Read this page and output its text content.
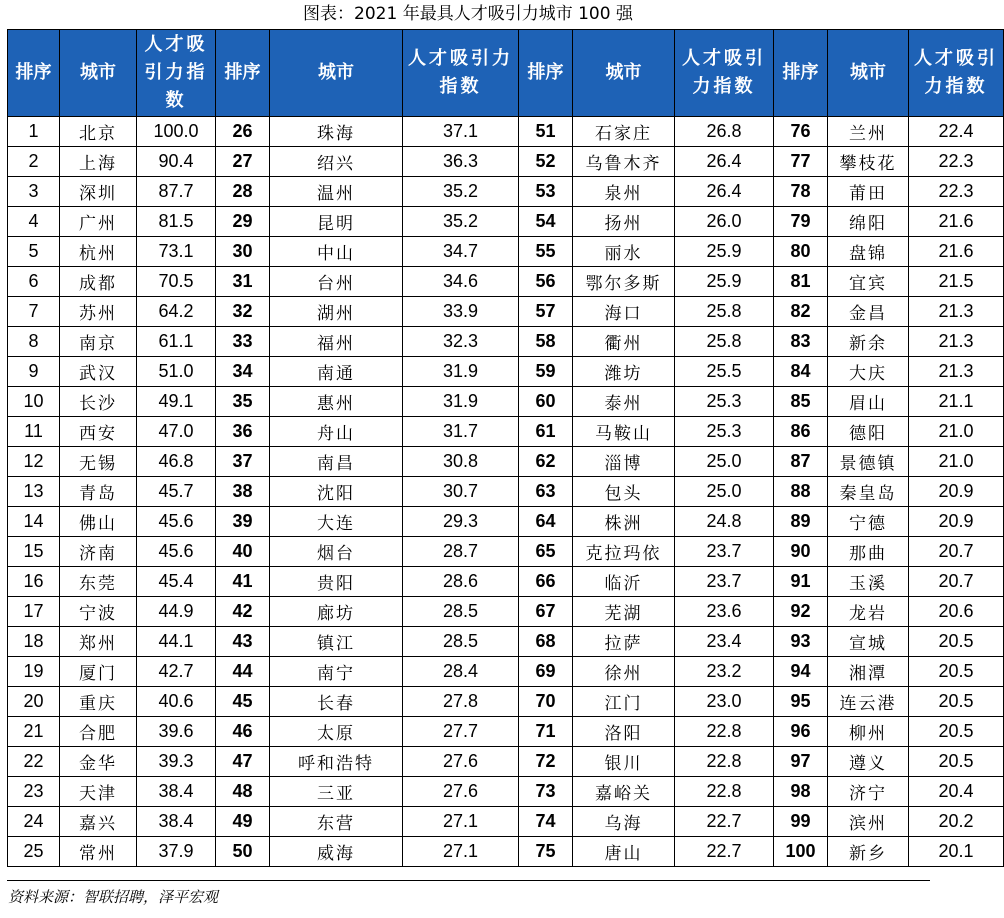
图表：2021 年最具人才吸引力城市 100 强
排序	城市	人才吸引力指数	排序	城市	人才吸引力指数	排序	城市	人才吸引力指数	排序	城市	人才吸引力指数
1	北京	100.0	26	珠海	37.1	51	石家庄	26.8	76	兰州	22.4
2	上海	90.4	27	绍兴	36.3	52	乌鲁木齐	26.4	77	攀枝花	22.3
3	深圳	87.7	28	温州	35.2	53	泉州	26.4	78	莆田	22.3
4	广州	81.5	29	昆明	35.2	54	扬州	26.0	79	绵阳	21.6
5	杭州	73.1	30	中山	34.7	55	丽水	25.9	80	盘锦	21.6
6	成都	70.5	31	台州	34.6	56	鄂尔多斯	25.9	81	宜宾	21.5
7	苏州	64.2	32	湖州	33.9	57	海口	25.8	82	金昌	21.3
8	南京	61.1	33	福州	32.3	58	衢州	25.8	83	新余	21.3
9	武汉	51.0	34	南通	31.9	59	潍坊	25.5	84	大庆	21.3
10	长沙	49.1	35	惠州	31.9	60	泰州	25.3	85	眉山	21.1
11	西安	47.0	36	舟山	31.7	61	马鞍山	25.3	86	德阳	21.0
12	无锡	46.8	37	南昌	30.8	62	淄博	25.0	87	景德镇	21.0
13	青岛	45.7	38	沈阳	30.7	63	包头	25.0	88	秦皇岛	20.9
14	佛山	45.6	39	大连	29.3	64	株洲	24.8	89	宁德	20.9
15	济南	45.6	40	烟台	28.7	65	克拉玛依	23.7	90	那曲	20.7
16	东莞	45.4	41	贵阳	28.6	66	临沂	23.7	91	玉溪	20.7
17	宁波	44.9	42	廊坊	28.5	67	芜湖	23.6	92	龙岩	20.6
18	郑州	44.1	43	镇江	28.5	68	拉萨	23.4	93	宣城	20.5
19	厦门	42.7	44	南宁	28.4	69	徐州	23.2	94	湘潭	20.5
20	重庆	40.6	45	长春	27.8	70	江门	23.0	95	连云港	20.5
21	合肥	39.6	46	太原	27.7	71	洛阳	22.8	96	柳州	20.5
22	金华	39.3	47	呼和浩特	27.6	72	银川	22.8	97	遵义	20.5
23	天津	38.4	48	三亚	27.6	73	嘉峪关	22.8	98	济宁	20.4
24	嘉兴	38.4	49	东营	27.1	74	乌海	22.7	99	滨州	20.2
25	常州	37.9	50	威海	27.1	75	唐山	22.7	100	新乡	20.1
资料来源：智联招聘，泽平宏观
